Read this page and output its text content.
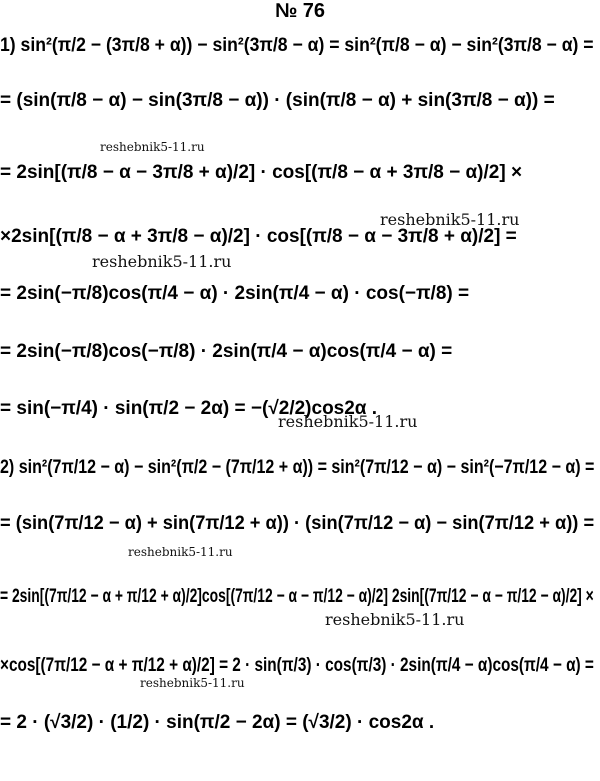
№ 76
1) sin²(π/2 − (3π/8 + α)) − sin²(3π/8 − α) = sin²(π/8 − α) − sin²(3π/8 − α) =
= (sin(π/8 − α) − sin(3π/8 − α)) · (sin(π/8 − α) + sin(3π/8 − α)) =
= 2sin[(π/8 − α − 3π/8 + α)/2] · cos[(π/8 − α + 3π/8 − α)/2] ×
×2sin[(π/8 − α + 3π/8 − α)/2] · cos[(π/8 − α − 3π/8 + α)/2] =
= 2sin(−π/8)cos(π/4 − α) · 2sin(π/4 − α) · cos(−π/8) =
= 2sin(−π/8)cos(−π/8) · 2sin(π/4 − α)cos(π/4 − α) =
= sin(−π/4) · sin(π/2 − 2α) = −(√2/2)cos2α .
2) sin²(7π/12 − α) − sin²(π/2 − (7π/12 + α)) = sin²(7π/12 − α) − sin²(−7π/12 − α) =
= (sin(7π/12 − α) + sin(7π/12 + α)) · (sin(7π/12 − α) − sin(7π/12 + α)) =
= 2sin[(7π/12 − α + π/12 + α)/2]cos[(7π/12 − α − π/12 − α)/2] 2sin[(7π/12 − α − π/12 − α)/2] ×
×cos[(7π/12 − α + π/12 + α)/2] = 2 · sin(π/3) · cos(π/3) · 2sin(π/4 − α)cos(π/4 − α) =
= 2 · (√3/2) · (1/2) · sin(π/2 − 2α) = (√3/2) · cos2α .
reshebnik5-11.ru
reshebnik5-11.ru
reshebnik5-11.ru
reshebnik5-11.ru
reshebnik5-11.ru
reshebnik5-11.ru
reshebnik5-11.ru
